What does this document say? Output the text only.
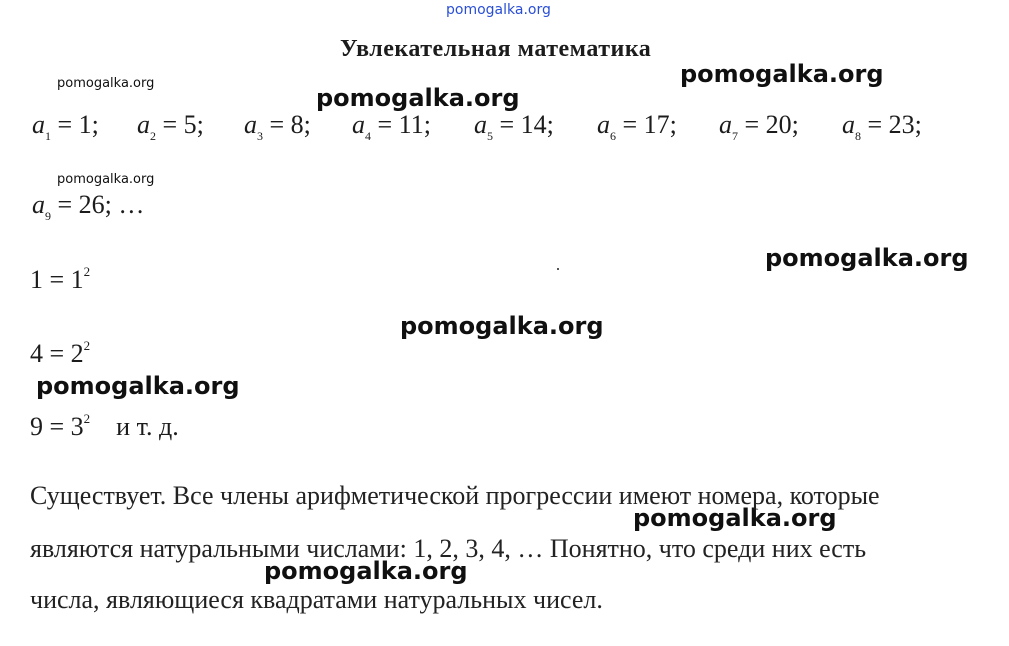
pomogalka.org
Увлекательная математика
pomogalka.org	pomogalka.org
pomogalka.org
pomogalka.org
pomogalka.org
pomogalka.org
pomogalka.org
pomogalka.org
pomogalka.org
$a_1 = 1$; $a_2 = 5$; $a_3 = 8$; $a_4 = 11$; $a_5 = 14$; $a_6 = 17$; $a_7 = 20$; $a_8 = 23$;
$a_9 = 26$; …
$1 = 1^2$
$4 = 2^2$
$9 = 3^2$ и т. д.
Существует. Все члены арифметической прогрессии имеют номера, которые
являются натуральными числами: 1, 2, 3, 4, … Понятно, что среди них есть
числа, являющиеся квадратами натуральных чисел.
